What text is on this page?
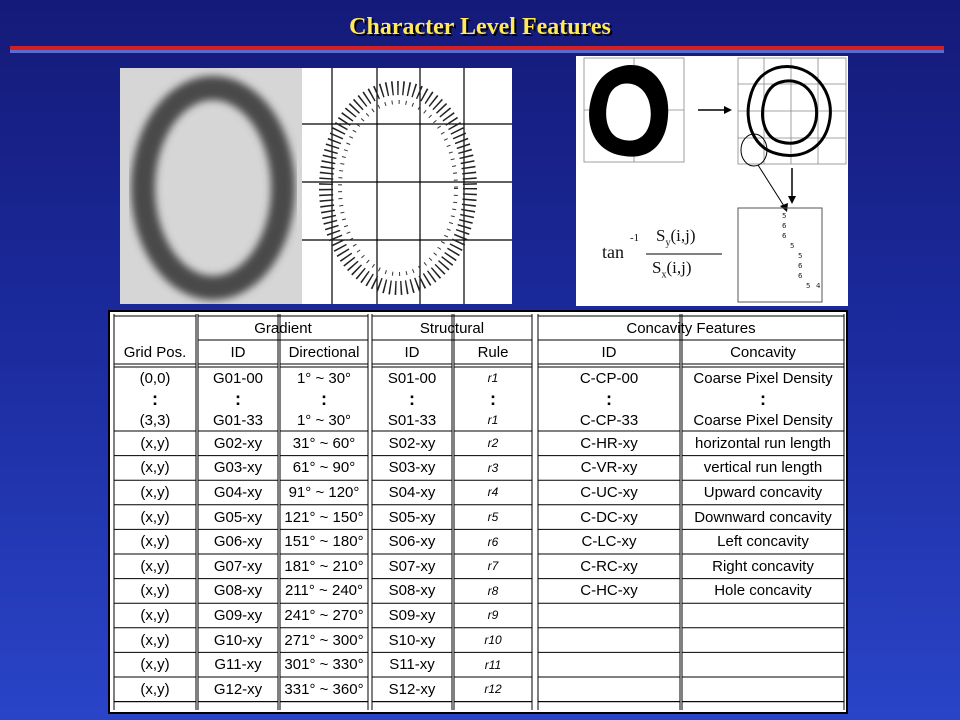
Character Level Features
5
6
6
5
5
6
6
5 4
tan
-1 $S_y(i,j)$
$S_x(i,j)$
Gradient	Structural	Concavity Features
Grid Pos.	ID	Directional	ID	Rule	ID	Concavity
(0,0)	G01-00	1° ~ 30°	S01-00	r1	C-CP-00	Coarse Pixel Density
:	:	:	:	:	:	:
(3,3)	G01-33	1° ~ 30°	S01-33	r1	C-CP-33	Coarse Pixel Density
(x,y)	G02-xy	31° ~ 60°	S02-xy	r2	C-HR-xy	horizontal run length
(x,y)	G03-xy	61° ~ 90°	S03-xy	r3	C-VR-xy	vertical run length
(x,y)	G04-xy	91° ~ 120°	S04-xy	r4	C-UC-xy	Upward concavity
(x,y)	G05-xy	121° ~ 150°	S05-xy	r5	C-DC-xy	Downward concavity
(x,y)	G06-xy	151° ~ 180°	S06-xy	r6	C-LC-xy	Left concavity
(x,y)	G07-xy	181° ~ 210°	S07-xy	r7	C-RC-xy	Right concavity
(x,y)	G08-xy	211° ~ 240°	S08-xy	r8	C-HC-xy	Hole concavity
(x,y)	G09-xy	241° ~ 270°	S09-xy	r9
(x,y)	G10-xy	271° ~ 300°	S10-xy	r10
(x,y)	G11-xy	301° ~ 330°	S11-xy	r11
(x,y)	G12-xy	331° ~ 360°	S12-xy	r12
